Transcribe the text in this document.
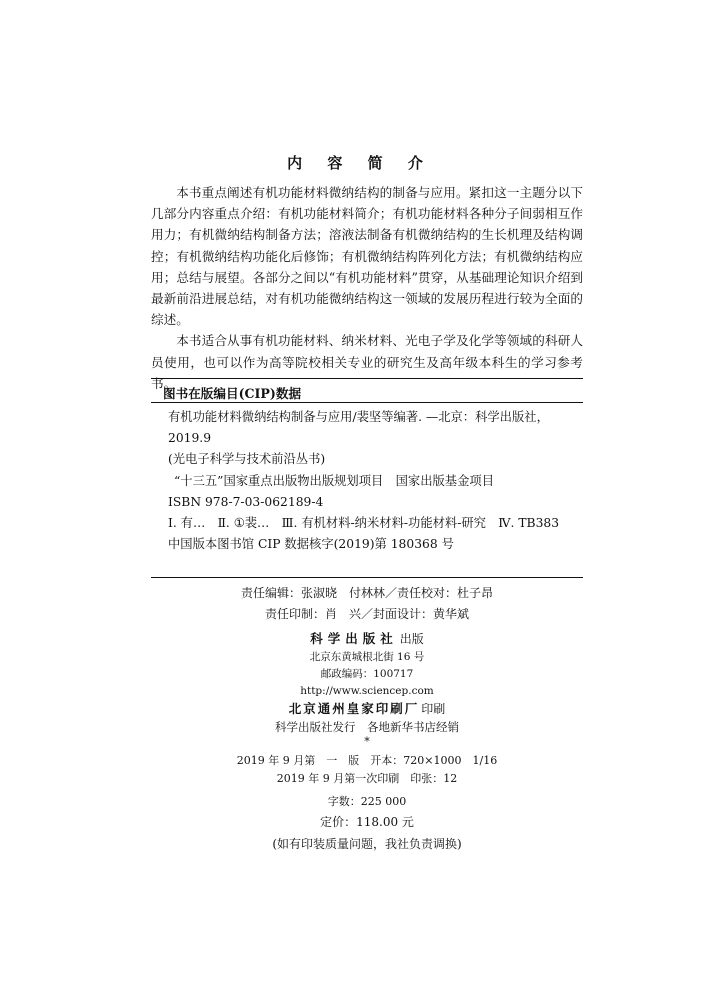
内 容 简 介

本书重点阐述有机功能材料微纳结构的制备与应用。紧扣这一主题分以下几部分内容重点介绍：有机功能材料简介；有机功能材料各种分子间弱相互作用力；有机微纳结构制备方法；溶液法制备有机微纳结构的生长机理及结构调控；有机微纳结构功能化后修饰；有机微纳结构阵列化方法；有机微纳结构应用；总结与展望。各部分之间以“有机功能材料”贯穿，从基础理论知识介绍到最新前沿进展总结，对有机功能微纳结构这一领域的发展历程进行较为全面的综述。

本书适合从事有机功能材料、纳米材料、光电子学及化学等领域的科研人员使用，也可以作为高等院校相关专业的研究生及高年级本科生的学习参考书。

图书在版编目(CIP)数据
有机功能材料微纳结构制备与应用/裴坚等编著. —北京：科学出版社，2019.9
(光电子科学与技术前沿丛书)
“十三五”国家重点出版物出版规划项目　国家出版基金项目
ISBN 978-7-03-062189-4
Ⅰ. 有…　Ⅱ. ①裴…　Ⅲ. 有机材料-纳米材料-功能材料-研究　Ⅳ. TB383
中国版本图书馆 CIP 数据核字(2019)第 180368 号
责任编辑：张淑晓　付林林／责任校对：杜子昂
责任印制：肖　兴／封面设计：黄华斌
科学出版社 出版
北京东黄城根北街 16 号
邮政编码：100717
http://www.sciencep.com
北京通州皇家印刷厂 印刷
科学出版社发行　各地新华书店经销
*
2019 年 9 月第　一　版　开本：720×1000　1/16
2019 年 9 月第一次印刷　印张：12
字数：225 000
定价：118.00 元
(如有印装质量问题，我社负责调换)
